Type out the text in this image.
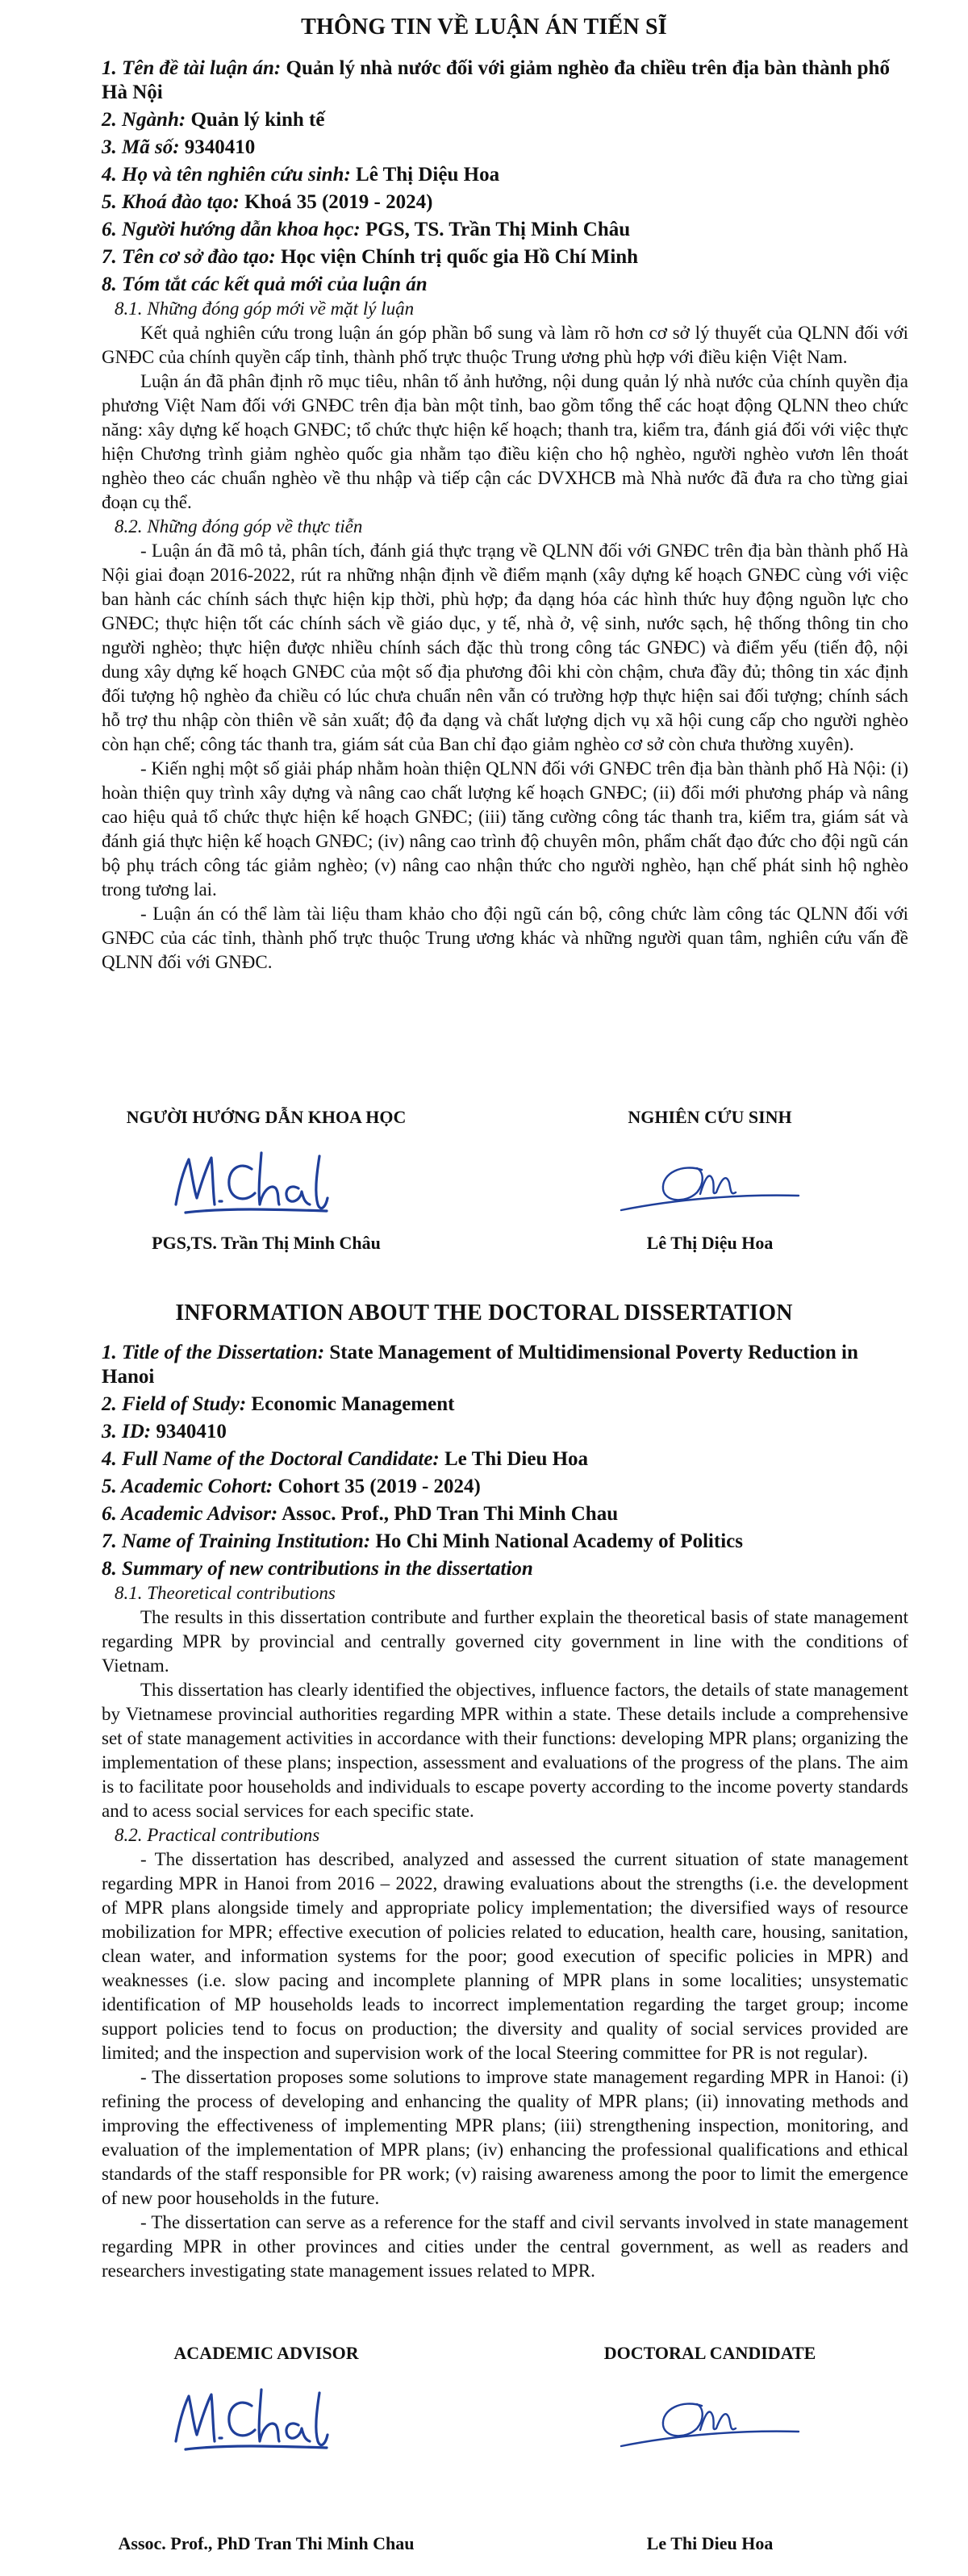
THÔNG TIN VỀ LUẬN ÁN TIẾN SĨ

1. Tên đề tài luận án: Quản lý nhà nước đối với giảm nghèo đa chiều trên địa bàn thành phố Hà Nội

2. Ngành: Quản lý kinh tế

3. Mã số: 9340410

4. Họ và tên nghiên cứu sinh: Lê Thị Diệu Hoa

5. Khoá đào tạo: Khoá 35 (2019 - 2024)

6. Người hướng dẫn khoa học: PGS, TS. Trần Thị Minh Châu

7. Tên cơ sở đào tạo: Học viện Chính trị quốc gia Hồ Chí Minh

8. Tóm tắt các kết quả mới của luận án

8.1. Những đóng góp mới về mặt lý luận

Kết quả nghiên cứu trong luận án góp phần bổ sung và làm rõ hơn cơ sở lý thuyết của QLNN đối với GNĐC của chính quyền cấp tỉnh, thành phố trực thuộc Trung ương phù hợp với điều kiện Việt Nam.

Luận án đã phân định rõ mục tiêu, nhân tố ảnh hưởng, nội dung quản lý nhà nước của chính quyền địa phương Việt Nam đối với GNĐC trên địa bàn một tỉnh, bao gồm tổng thể các hoạt động QLNN theo chức năng: xây dựng kế hoạch GNĐC; tổ chức thực hiện kế hoạch; thanh tra, kiểm tra, đánh giá đối với việc thực hiện Chương trình giảm nghèo quốc gia nhằm tạo điều kiện cho hộ nghèo, người nghèo vươn lên thoát nghèo theo các chuẩn nghèo về thu nhập và tiếp cận các DVXHCB mà Nhà nước đã đưa ra cho từng giai đoạn cụ thể.

8.2. Những đóng góp về thực tiễn

- Luận án đã mô tả, phân tích, đánh giá thực trạng về QLNN đối với GNĐC trên địa bàn thành phố Hà Nội giai đoạn 2016-2022, rút ra những nhận định về điểm mạnh (xây dựng kế hoạch GNĐC cùng với việc ban hành các chính sách thực hiện kịp thời, phù hợp; đa dạng hóa các hình thức huy động nguồn lực cho GNĐC; thực hiện tốt các chính sách về giáo dục, y tế, nhà ở, vệ sinh, nước sạch, hệ thống thông tin cho người nghèo; thực hiện được nhiều chính sách đặc thù trong công tác GNĐC) và điểm yếu (tiến độ, nội dung xây dựng kế hoạch GNĐC của một số địa phương đôi khi còn chậm, chưa đầy đủ; thông tin xác định đối tượng hộ nghèo đa chiều có lúc chưa chuẩn nên vẫn có trường hợp thực hiện sai đối tượng; chính sách hỗ trợ thu nhập còn thiên về sản xuất; độ đa dạng và chất lượng dịch vụ xã hội cung cấp cho người nghèo còn hạn chế; công tác thanh tra, giám sát của Ban chỉ đạo giảm nghèo cơ sở còn chưa thường xuyên).

- Kiến nghị một số giải pháp nhằm hoàn thiện QLNN đối với GNĐC trên địa bàn thành phố Hà Nội: (i) hoàn thiện quy trình xây dựng và nâng cao chất lượng kế hoạch GNĐC; (ii) đổi mới phương pháp và nâng cao hiệu quả tổ chức thực hiện kế hoạch GNĐC; (iii) tăng cường công tác thanh tra, kiểm tra, giám sát và đánh giá thực hiện kế hoạch GNĐC; (iv) nâng cao trình độ chuyên môn, phẩm chất đạo đức cho đội ngũ cán bộ phụ trách công tác giảm nghèo; (v) nâng cao nhận thức cho người nghèo, hạn chế phát sinh hộ nghèo trong tương lai.

- Luận án có thể làm tài liệu tham khảo cho đội ngũ cán bộ, công chức làm công tác QLNN đối với GNĐC của các tỉnh, thành phố trực thuộc Trung ương khác và những người quan tâm, nghiên cứu vấn đề QLNN đối với GNĐC.

NGƯỜI HƯỚNG DẪN KHOA HỌC	NGHIÊN CỨU SINH
PGS,TS. Trần Thị Minh Châu	Lê Thị Diệu Hoa
INFORMATION ABOUT THE DOCTORAL DISSERTATION

1. Title of the Dissertation: State Management of Multidimensional Poverty Reduction in Hanoi

2. Field of Study: Economic Management

3. ID: 9340410

4. Full Name of the Doctoral Candidate: Le Thi Dieu Hoa

5. Academic Cohort: Cohort 35 (2019 - 2024)

6. Academic Advisor: Assoc. Prof., PhD Tran Thi Minh Chau

7. Name of Training Institution: Ho Chi Minh National Academy of Politics

8. Summary of new contributions in the dissertation

8.1. Theoretical contributions

The results in this dissertation contribute and further explain the theoretical basis of state management regarding MPR by provincial and centrally governed city government in line with the conditions of Vietnam.

This dissertation has clearly identified the objectives, influence factors, the details of state management by Vietnamese provincial authorities regarding MPR within a state. These details include a comprehensive set of state management activities in accordance with their functions: developing MPR plans; organizing the implementation of these plans; inspection, assessment and evaluations of the progress of the plans. The aim is to facilitate poor households and individuals to escape poverty according to the income poverty standards and to acess social services for each specific state.

8.2. Practical contributions

- The dissertation has described, analyzed and assessed the current situation of state management regarding MPR in Hanoi from 2016 – 2022, drawing evaluations about the strengths (i.e. the development of MPR plans alongside timely and appropriate policy implementation; the diversified ways of resource mobilization for MPR; effective execution of policies related to education, health care, housing, sanitation, clean water, and information systems for the poor; good execution of specific policies in MPR) and weaknesses (i.e. slow pacing and incomplete planning of MPR plans in some localities; unsystematic identification of MP households leads to incorrect implementation regarding the target group; income support policies tend to focus on production; the diversity and quality of social services provided are limited; and the inspection and supervision work of the local Steering committee for PR is not regular).

- The dissertation proposes some solutions to improve state management regarding MPR in Hanoi: (i) refining the process of developing and enhancing the quality of MPR plans; (ii) innovating methods and improving the effectiveness of implementing MPR plans; (iii) strengthening inspection, monitoring, and evaluation of the implementation of MPR plans; (iv) enhancing the professional qualifications and ethical standards of the staff responsible for PR work; (v) raising awareness among the poor to limit the emergence of new poor households in the future.

- The dissertation can serve as a reference for the staff and civil servants involved in state management regarding MPR in other provinces and cities under the central government, as well as readers and researchers investigating state management issues related to MPR.

ACADEMIC ADVISOR	DOCTORAL CANDIDATE
Assoc. Prof., PhD Tran Thi Minh Chau	Le Thi Dieu Hoa
